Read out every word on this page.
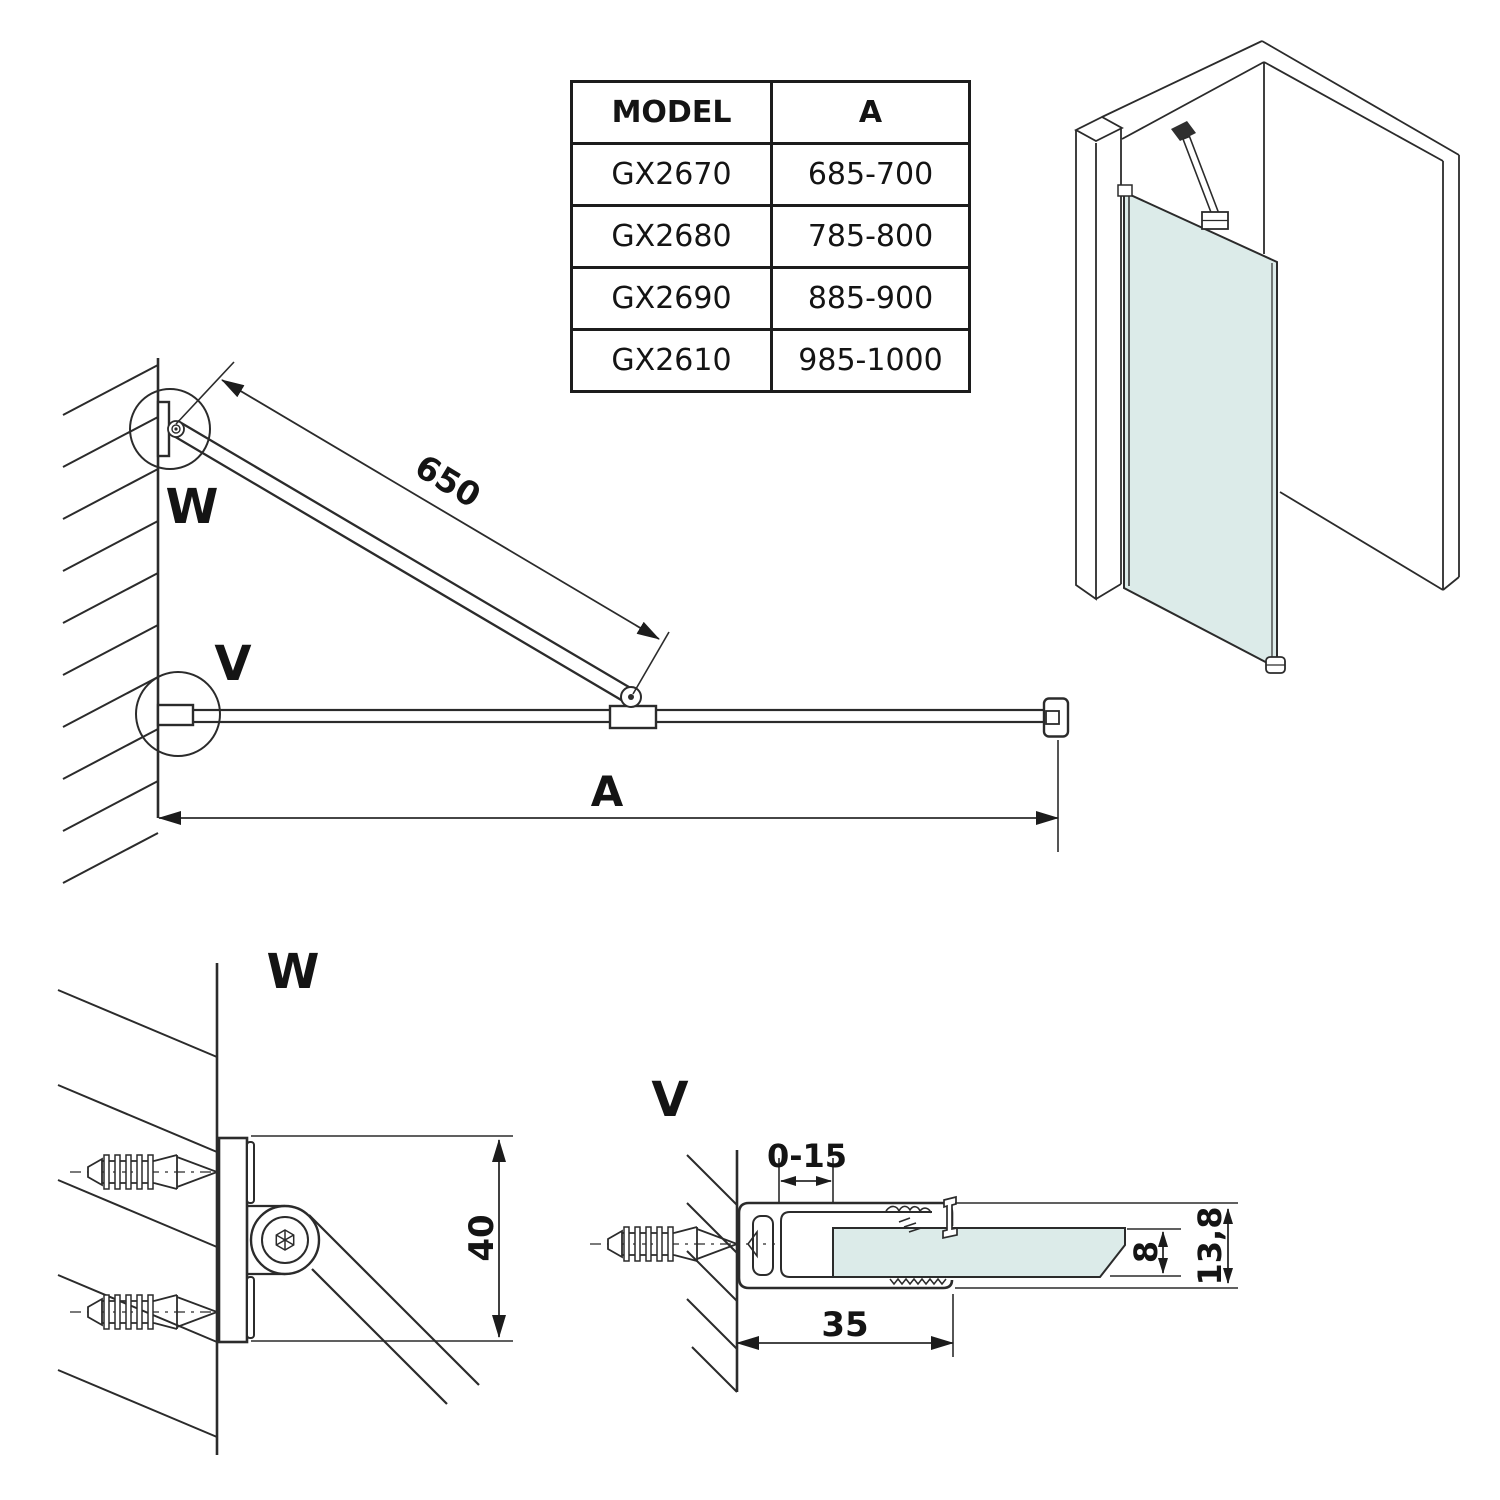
MODEL	A
GX2670	685-700
GX2680	785-800
GX2690	885-900
GX2610	985-1000
650
A
W
V
W
40
V
0-15
35
8 13,8
